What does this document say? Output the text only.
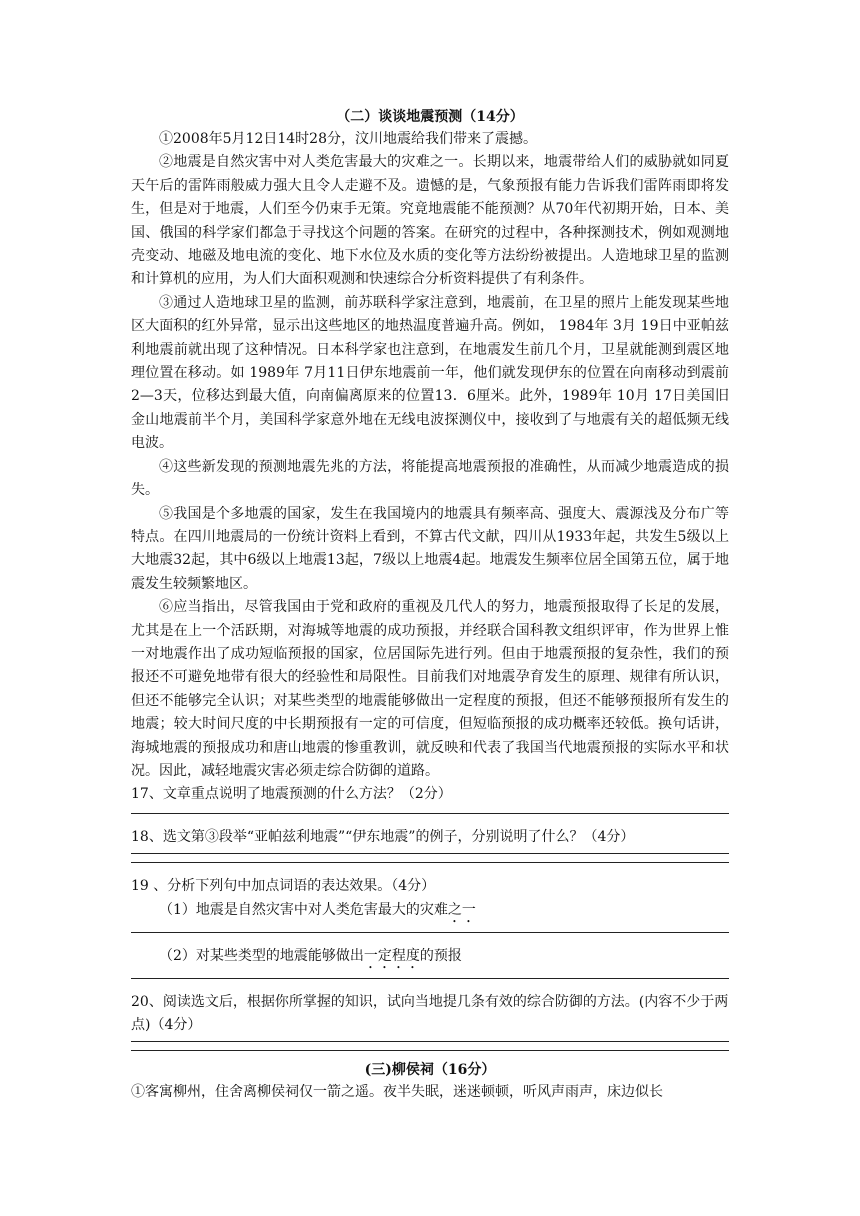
（二）谈谈地震预测（14分）

①2008年5月12日14时28分，汶川地震给我们带来了震撼。

②地震是自然灾害中对人类危害最大的灾难之一。长期以来，地震带给人们的威胁就如同夏天午后的雷阵雨般威力强大且令人走避不及。遗憾的是，气象预报有能力告诉我们雷阵雨即将发生，但是对于地震，人们至今仍束手无策。究竟地震能不能预测？从70年代初期开始，日本、美国、俄国的科学家们都急于寻找这个问题的答案。在研究的过程中，各种探测技术，例如观测地壳变动、地磁及地电流的变化、地下水位及水质的变化等方法纷纷被提出。人造地球卫星的监测和计算机的应用，为人们大面积观测和快速综合分析资料提供了有利条件。

③通过人造地球卫星的监测，前苏联科学家注意到，地震前，在卫星的照片上能发现某些地区大面积的红外异常，显示出这些地区的地热温度普遍升高。例如， 1984年 3月 19日中亚帕兹利地震前就出现了这种情况。日本科学家也注意到，在地震发生前几个月，卫星就能测到震区地理位置在移动。如 1989年 7月11日伊东地震前一年，他们就发现伊东的位置在向南移动到震前2—3天，位移达到最大值，向南偏离原来的位置13．6厘米。此外，1989年 10月 17日美国旧金山地震前半个月，美国科学家意外地在无线电波探测仪中，接收到了与地震有关的超低频无线电波。

④这些新发现的预测地震先兆的方法，将能提高地震预报的准确性，从而减少地震造成的损失。

⑤我国是个多地震的国家，发生在我国境内的地震具有频率高、强度大、震源浅及分布广等特点。在四川地震局的一份统计资料上看到，不算古代文献，四川从1933年起，共发生5级以上大地震32起，其中6级以上地震13起，7级以上地震4起。地震发生频率位居全国第五位，属于地震发生较频繁地区。

⑥应当指出，尽管我国由于党和政府的重视及几代人的努力，地震预报取得了长足的发展，尤其是在上一个活跃期，对海城等地震的成功预报，并经联合国科教文组织评审，作为世界上惟一对地震作出了成功短临预报的国家，位居国际先进行列。但由于地震预报的复杂性，我们的预报还不可避免地带有很大的经验性和局限性。目前我们对地震孕育发生的原理、规律有所认识，但还不能够完全认识；对某些类型的地震能够做出一定程度的预报，但还不能够预报所有发生的地震；较大时间尺度的中长期预报有一定的可信度，但短临预报的成功概率还较低。换句话讲，海城地震的预报成功和唐山地震的惨重教训，就反映和代表了我国当代地震预报的实际水平和状况。因此，减轻地震灾害必须走综合防御的道路。

17、文章重点说明了地震预测的什么方法？（2分）

18、选文第③段举“亚帕兹利地震”“伊东地震”的例子，分别说明了什么？（4分）

19 、分析下列句中加点词语的表达效果。（4分）

（1）地震是自然灾害中对人类危害最大的灾难之一

（2）对某些类型的地震能够做出一定程度的预报

20、阅读选文后，根据你所掌握的知识，试向当地提几条有效的综合防御的方法。(内容不少于两点)（4分）

(三)柳侯祠（16分）

①客寓柳州，住舍离柳侯祠仅一箭之遥。夜半失眠，迷迷顿顿，听风声雨声，床边似长
